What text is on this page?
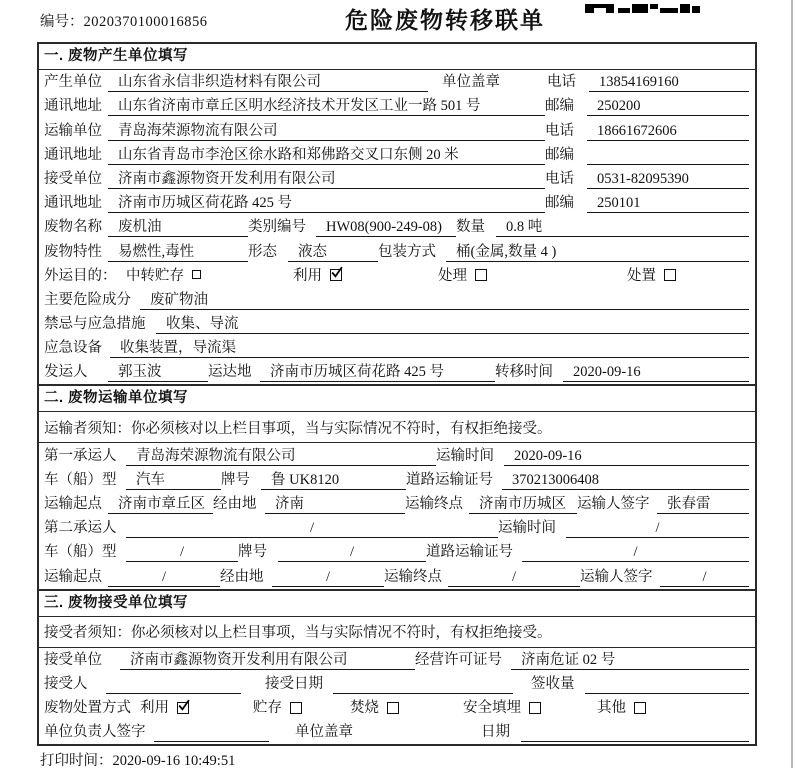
编号：2020370100016856	危险废物转移联单
一. 废物产生单位填写
产生单位	山东省永信非织造材料有限公司	单位盖章	电话	13854169160
通讯地址	山东省济南市章丘区明水经济技术开发区工业一路 501 号	邮编	250200
运输单位	青岛海荣源物流有限公司	电话	18661672606
通讯地址	山东省青岛市李沧区徐水路和郑佛路交叉口东侧 20 米	邮编
接受单位	济南市鑫源物资开发利用有限公司	电话	0531-82095390
通讯地址	济南市历城区荷花路 425 号	邮编	250101
废物名称	废机油	类别编号	HW08(900-249-08) 数量	0.8 吨
废物特性	易燃性,毒性	形态	液态	包装方式	桶(金属,数量 4 )
外运目的： 中转贮存	利用	处理	处置
主要危险成分	废矿物油
禁忌与应急措施	收集、导流
应急设备	收集装置，导流渠
发运人	郭玉波	运达地	济南市历城区荷花路 425 号	转移时间	2020-09-16
二. 废物运输单位填写
运输者须知：你必须核对以上栏目事项，当与实际情况不符时，有权拒绝接受。
第一承运人	青岛海荣源物流有限公司	运输时间	2020-09-16
车（船）型	汽车	牌号	鲁 UK8120	道路运输证号	370213006408
运输起点	济南市章丘区 经由地	济南	运输终点	济南市历城区 运输人签字	张春雷
第二承运人	/	运输时间	/
车（船）型	/	牌号	/	道路运输证号	/
运输起点	/	经由地	/	运输终点	/	运输人签字	/
三. 废物接受单位填写
接受者须知：你必须核对以上栏目事项，当与实际情况不符时，有权拒绝接受。
接受单位	济南市鑫源物资开发利用有限公司	经营许可证号	济南危证 02 号
接受人	接受日期	签收量
废物处置方式 利用	贮存	焚烧	安全填埋	其他
单位负责人签字	单位盖章	日期
打印时间：2020-09-16 10:49:51
